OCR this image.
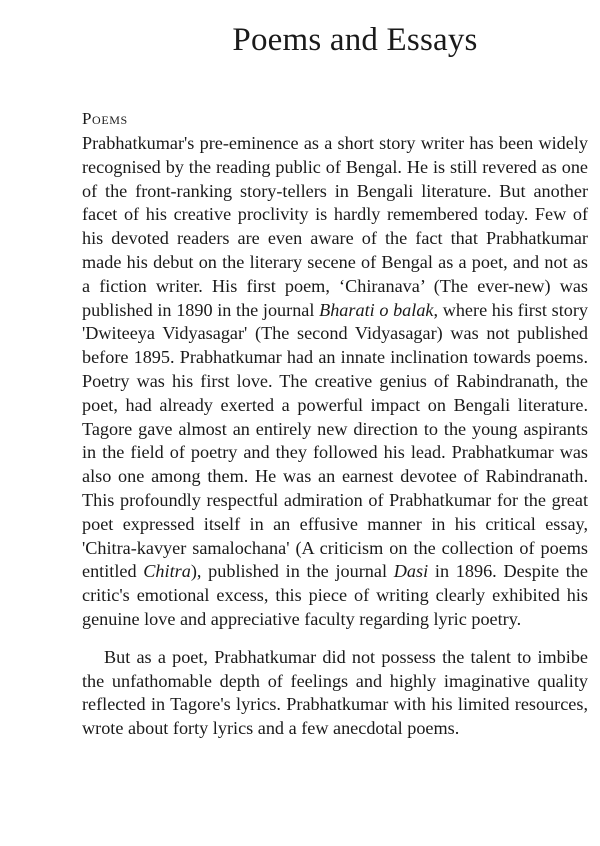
Poems and Essays
Poems

Prabhatkumar's pre-eminence as a short story writer has been widely recognised by the reading public of Bengal. He is still revered as one of the front-ranking story-tellers in Bengali literature. But another facet of his creative proclivity is hardly remembered today. Few of his devoted readers are even aware of the fact that Prabhatkumar made his debut on the literary secene of Bengal as a poet, and not as a fiction writer. His first poem, ‘Chiranava’ (The ever-new) was published in 1890 in the journal Bharati o balak, where his first story 'Dwiteeya Vidyasagar' (The second Vidyasagar) was not published before 1895. Prabhatkumar had an innate inclination towards poems. Poetry was his first love. The creative genius of Rabindranath, the poet, had already exerted a powerful impact on Bengali literature. Tagore gave almost an entirely new direction to the young aspirants in the field of poetry and they followed his lead. Prabhatkumar was also one among them. He was an earnest devotee of Rabindranath. This profoundly respectful admiration of Prabhatkumar for the great poet expressed itself in an effusive manner in his critical essay, 'Chitra-kavyer samalochana' (A criticism on the collection of poems entitled Chitra), published in the journal Dasi in 1896. Despite the critic's emotional excess, this piece of writing clearly exhibited his genuine love and appreciative faculty regarding lyric poetry.

But as a poet, Prabhatkumar did not possess the talent to imbibe the unfathomable depth of feelings and highly imaginative quality reflected in Tagore's lyrics. Prabhatkumar with his limited resources, wrote about forty lyrics and a few anecdotal poems.
